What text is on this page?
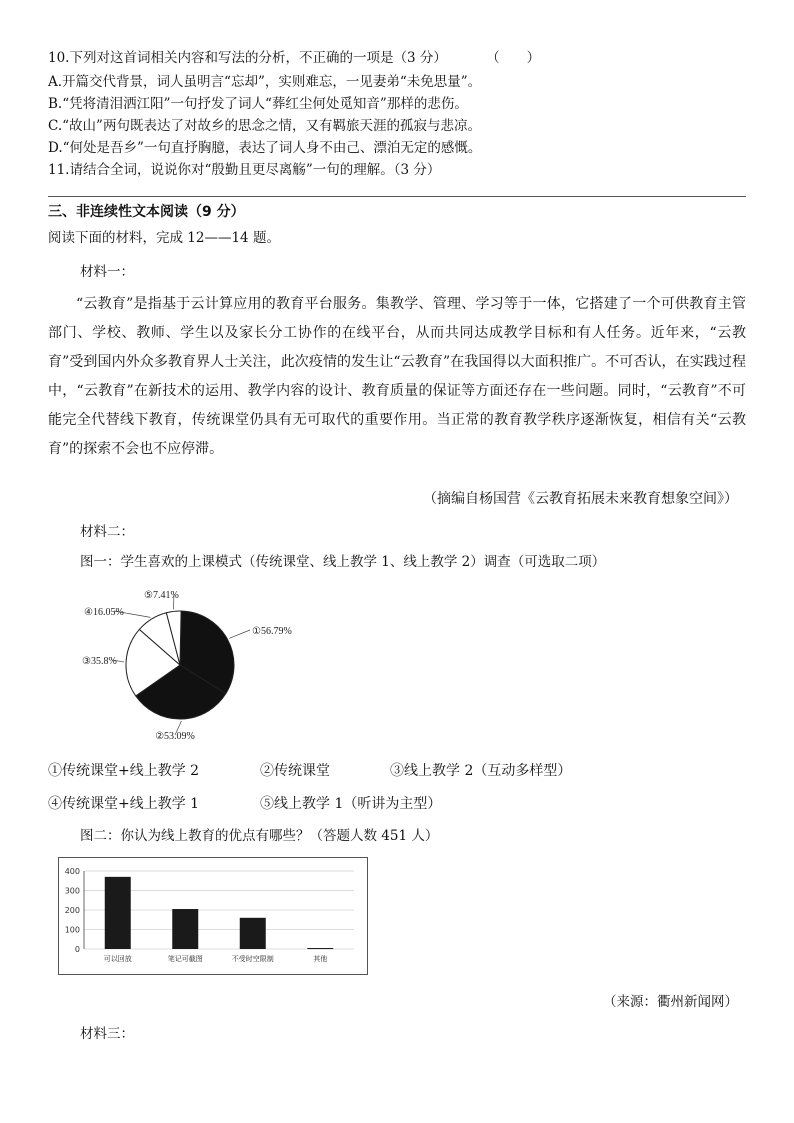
10.下列对这首词相关内容和写法的分析，不正确的一项是（3 分）	（　　）
A.开篇交代背景，词人虽明言“忘却”，实则难忘，一见妻弟“未免思量”。
B.“凭将清泪洒江阳”一句抒发了词人“葬红尘何处觅知音”那样的悲伤。
C.“故山”两句既表达了对故乡的思念之情，又有羁旅天涯的孤寂与悲凉。
D.“何处是吾乡”一句直抒胸臆，表达了词人身不由己、漂泊无定的感慨。
11.请结合全词，说说你对“殷勤且更尽离觞”一句的理解。（3 分）
三、非连续性文本阅读（9 分）
阅读下面的材料，完成 12——14 题。
材料一：
“云教育”是指基于云计算应用的教育平台服务。集教学、管理、学习等于一体，它搭建了一个可供教育主管部门、学校、教师、学生以及家长分工协作的在线平台，从而共同达成教学目标和有人任务。近年来，“云教育”受到国内外众多教育界人士关注，此次疫情的发生让“云教育”在我国得以大面积推广。不可否认，在实践过程中，“云教育”在新技术的运用、教学内容的设计、教育质量的保证等方面还存在一些问题。同时，“云教育”不可能完全代替线下教育，传统课堂仍具有无可取代的重要作用。当正常的教育教学秩序逐渐恢复，相信有关“云教育”的探索不会也不应停滞。
（摘编自杨国营《云教育拓展未来教育想象空间》）
材料二：
图一：学生喜欢的上课模式（传统课堂、线上教学 1、线上教学 2）调查（可选取二项）
①56.79%
②53.09%
③35.8%
④16.05%
⑤7.41%
①传统课堂+线上教学 2	②传统课堂	③线上教学 2（互动多样型）
④传统课堂+线上教学 1	⑤线上教学 1（听讲为主型）
图二：你认为线上教育的优点有哪些？（答题人数 451 人）
0
100
200
300
400
可以回放	笔记可截图	不受时空限制	其他
（来源：衢州新闻网）
材料三：
